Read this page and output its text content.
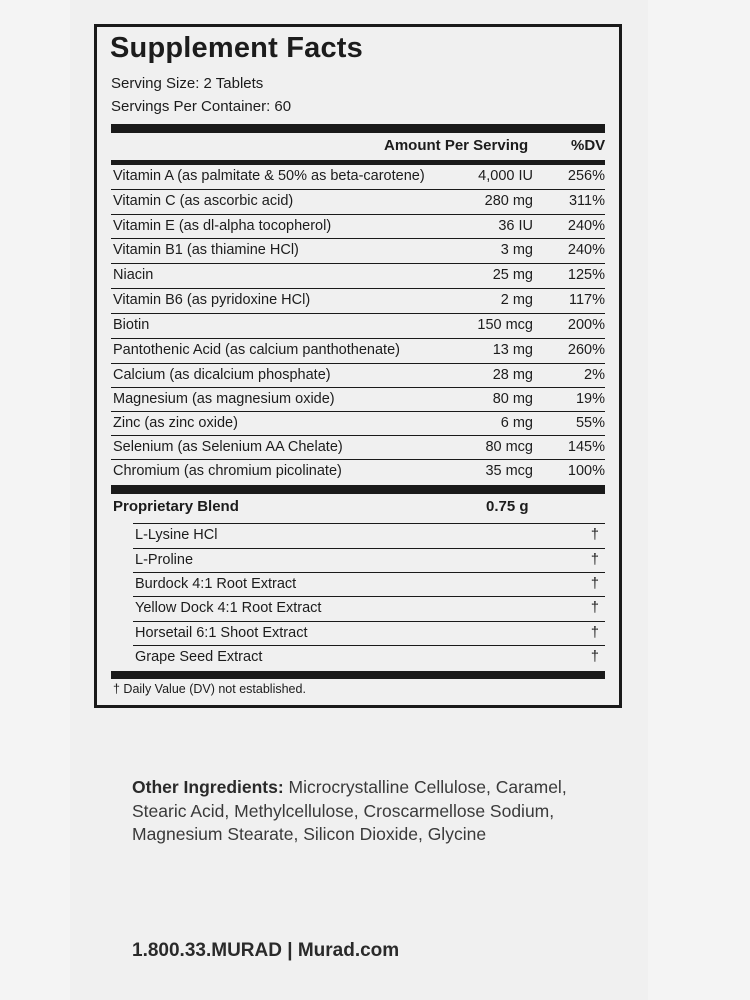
Supplement Facts
Serving Size: 2 Tablets
Servings Per Container: 60
Amount Per Serving	%DV
Vitamin A (as palmitate & 50% as beta-carotene)	4,000 IU 256%
Vitamin C (as ascorbic acid)	280 mg 311%
Vitamin E (as dl-alpha tocopherol)	36 IU 240%
Vitamin B1 (as thiamine HCl)	3 mg 240%
Niacin	25 mg 125%
Vitamin B6 (as pyridoxine HCl)	2 mg 117%
Biotin	150 mcg 200%
Pantothenic Acid (as calcium panthothenate)	13 mg 260%
Calcium (as dicalcium phosphate)	28 mg	2%
Magnesium (as magnesium oxide)	80 mg	19%
Zinc (as zinc oxide)	6 mg	55%
Selenium (as Selenium AA Chelate)	80 mcg 145%
Chromium (as chromium picolinate)	35 mcg 100%
Proprietary Blend	0.75 g
L-Lysine HCl	†
L-Proline	†
Burdock 4:1 Root Extract	†
Yellow Dock 4:1 Root Extract	†
Horsetail 6:1 Shoot Extract	†
Grape Seed Extract	†
† Daily Value (DV) not established.
Other Ingredients: Microcrystalline Cellulose, Caramel, Stearic Acid, Methylcellulose, Croscarmellose Sodium, Magnesium Stearate, Silicon Dioxide, Glycine
1.800.33.MURAD | Murad.com
